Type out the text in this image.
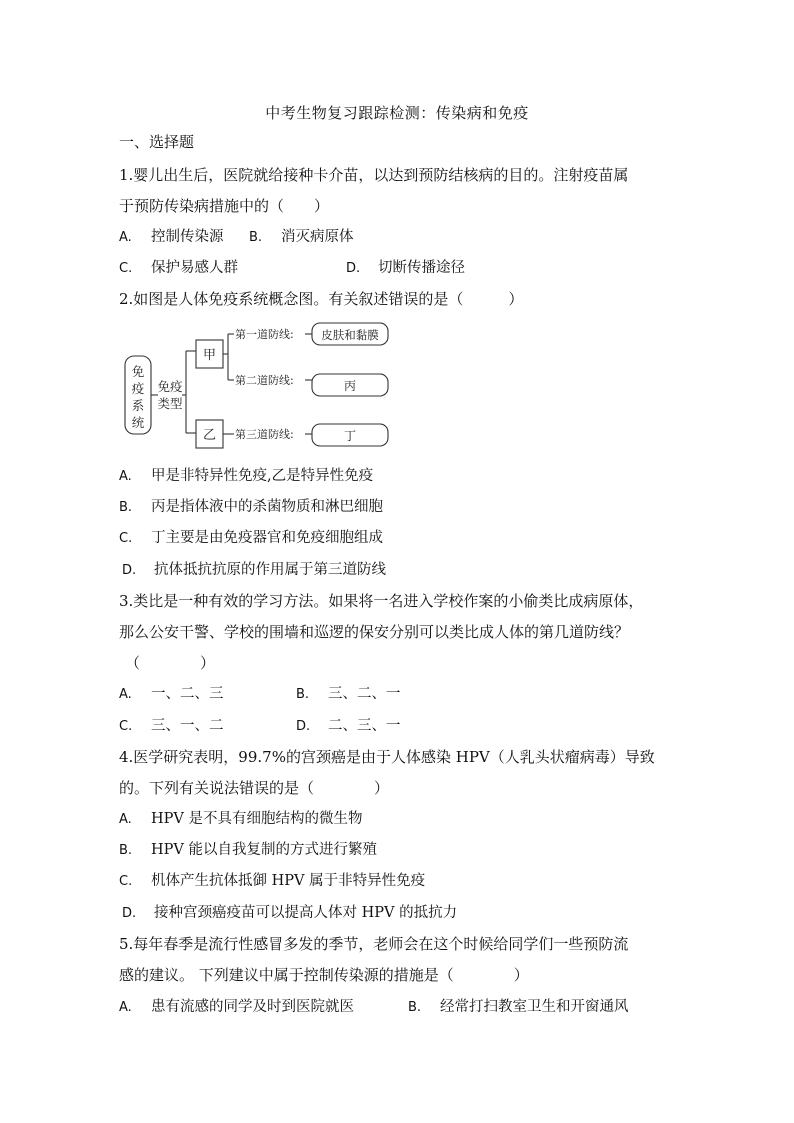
中考生物复习跟踪检测：传染病和免疫
一、选择题
1.婴儿出生后，医院就给接种卡介苗，以达到预防结核病的目的。注射疫苗属
于预防传染病措施中的（　　）
A. 控制传染源 B. 消灭病原体
C. 保护易感人群	D. 切断传播途径
2.如图是人体免疫系统概念图。有关叙述错误的是（　　　）
免
疫
系
统
免疫
类型
甲
乙
第一道防线:
第二道防线:
第三道防线:
皮肤和黏膜
丙
丁
A. 甲是非特异性免疫,乙是特异性免疫
B. 丙是指体液中的杀菌物质和淋巴细胞
C. 丁主要是由免疫器官和免疫细胞组成
D. 抗体抵抗抗原的作用属于第三道防线
3.类比是一种有效的学习方法。如果将一名进入学校作案的小偷类比成病原体，
那么公安干警、学校的围墙和巡逻的保安分别可以类比成人体的第几道防线？
（　　　　）
A. 一、二、三	B. 三、二、一
C. 三、一、二	D. 二、三、一
4.医学研究表明，99.7%的宫颈癌是由于人体感染 HPV（人乳头状瘤病毒）导致
的。下列有关说法错误的是（　　　　）
A. HPV 是不具有细胞结构的微生物
B. HPV 能以自我复制的方式进行繁殖
C. 机体产生抗体抵御 HPV 属于非特异性免疫
D. 接种宫颈癌疫苗可以提高人体对 HPV 的抵抗力
5.每年春季是流行性感冒多发的季节，老师会在这个时候给同学们一些预防流
感的建议。 下列建议中属于控制传染源的措施是（　　　　）
A. 患有流感的同学及时到医院就医	B. 经常打扫教室卫生和开窗通风
